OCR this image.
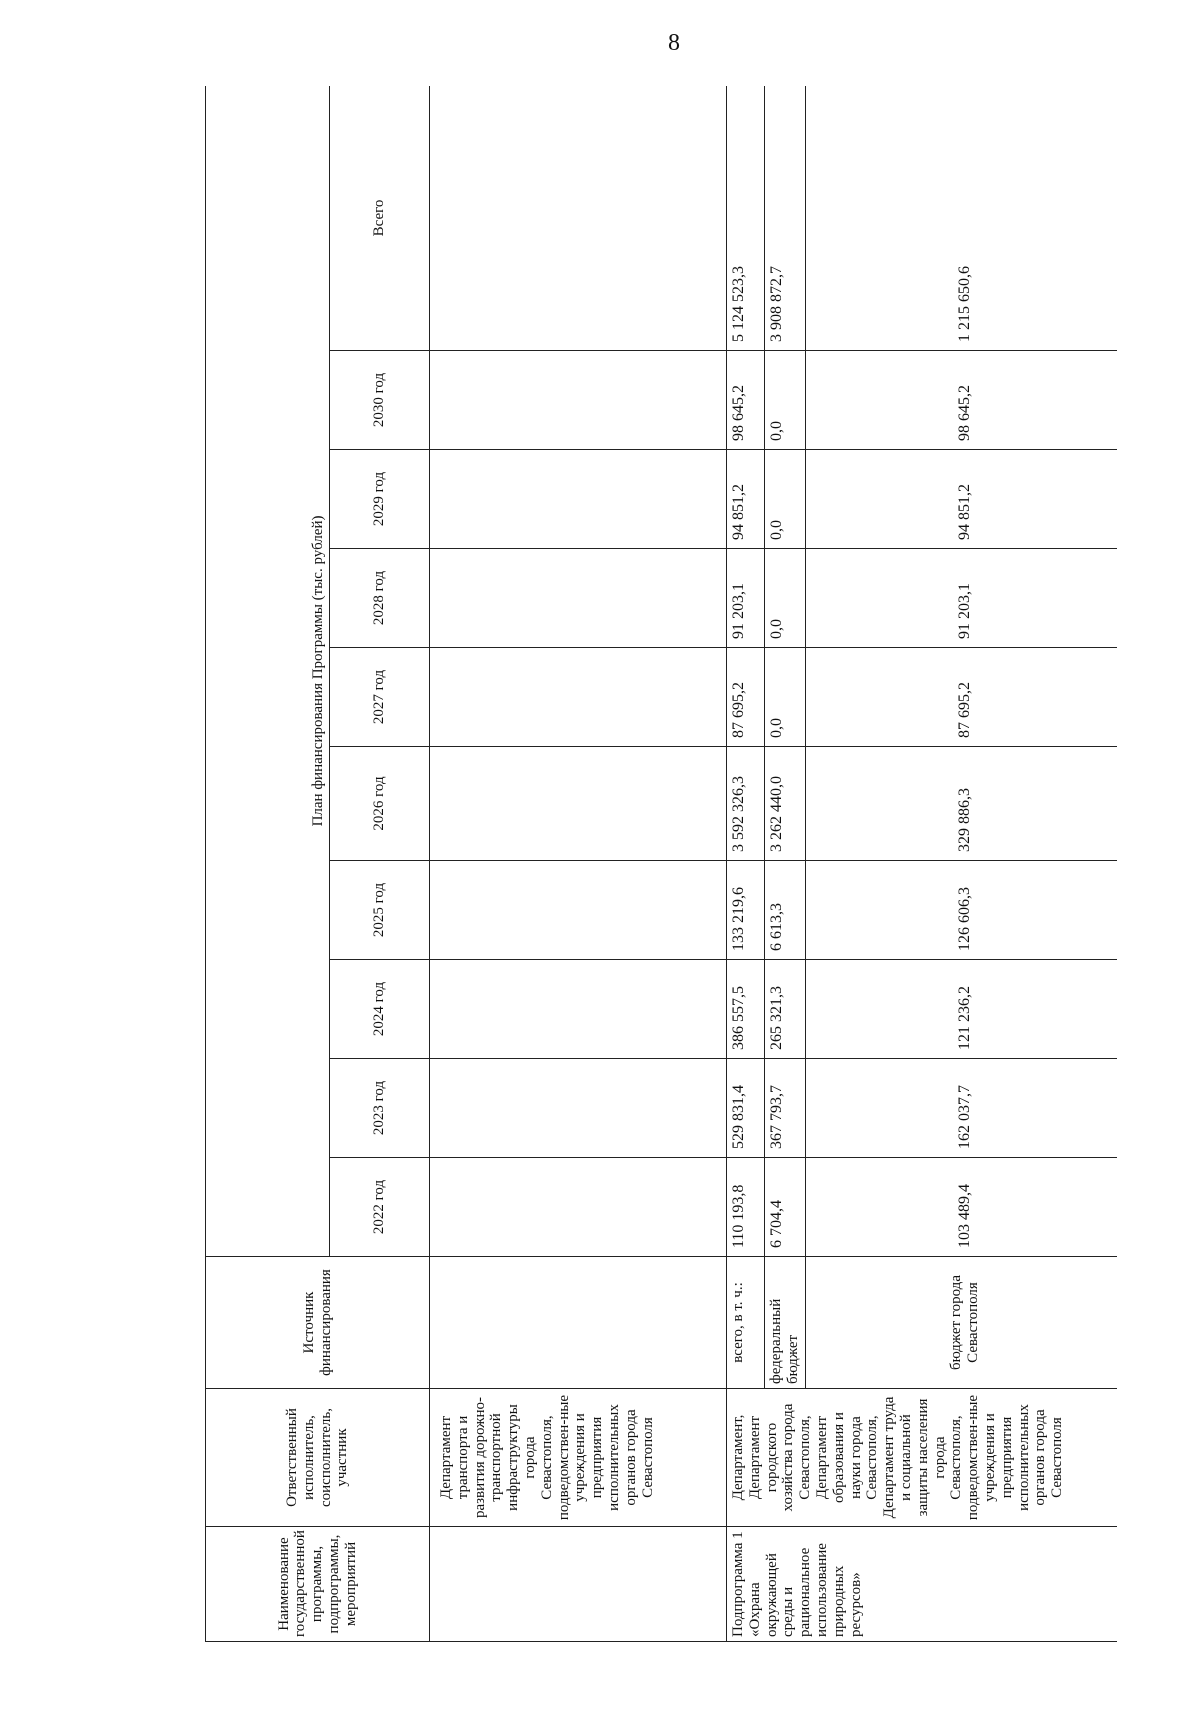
8
Наименование государственной программы, подпрограммы, мероприятий	Ответственный исполнитель, соисполнитель, участник	Источник финансирования	План финансирования Программы (тыс. рублей)									
			2022 год	2023 год	2024 год	2025 год	2026 год	2027 год	2028 год	2029 год	2030 год	Всего
	Департамент транспорта и развития дорожно-транспортной инфраструктуры города Севастополя, подведомствен-ные учреждения и предприятия исполнительных органов города Севастополя											
Подпрограмма 1 «Охрана окружающей среды и рациональное использование природных ресурсов»	Департамент, Департамент городского хозяйства города Севастополя, Департамент образования и науки города Севастополя, Департамент труда и социальной защиты населения города Севастополя, подведомствен-ные учреждения и предприятия исполнительных органов города Севастополя	всего, в т. ч.:	110 193,8	529 831,4	386 557,5	133 219,6	3 592 326,3	87 695,2	91 203,1	94 851,2	98 645,2	5 124 523,3
		федеральный бюджет	6 704,4	367 793,7	265 321,3	6 613,3	3 262 440,0	0,0	0,0	0,0	0,0	3 908 872,7
		бюджет города Севастополя	103 489,4	162 037,7	121 236,2	126 606,3	329 886,3	87 695,2	91 203,1	94 851,2	98 645,2	1 215 650,6
